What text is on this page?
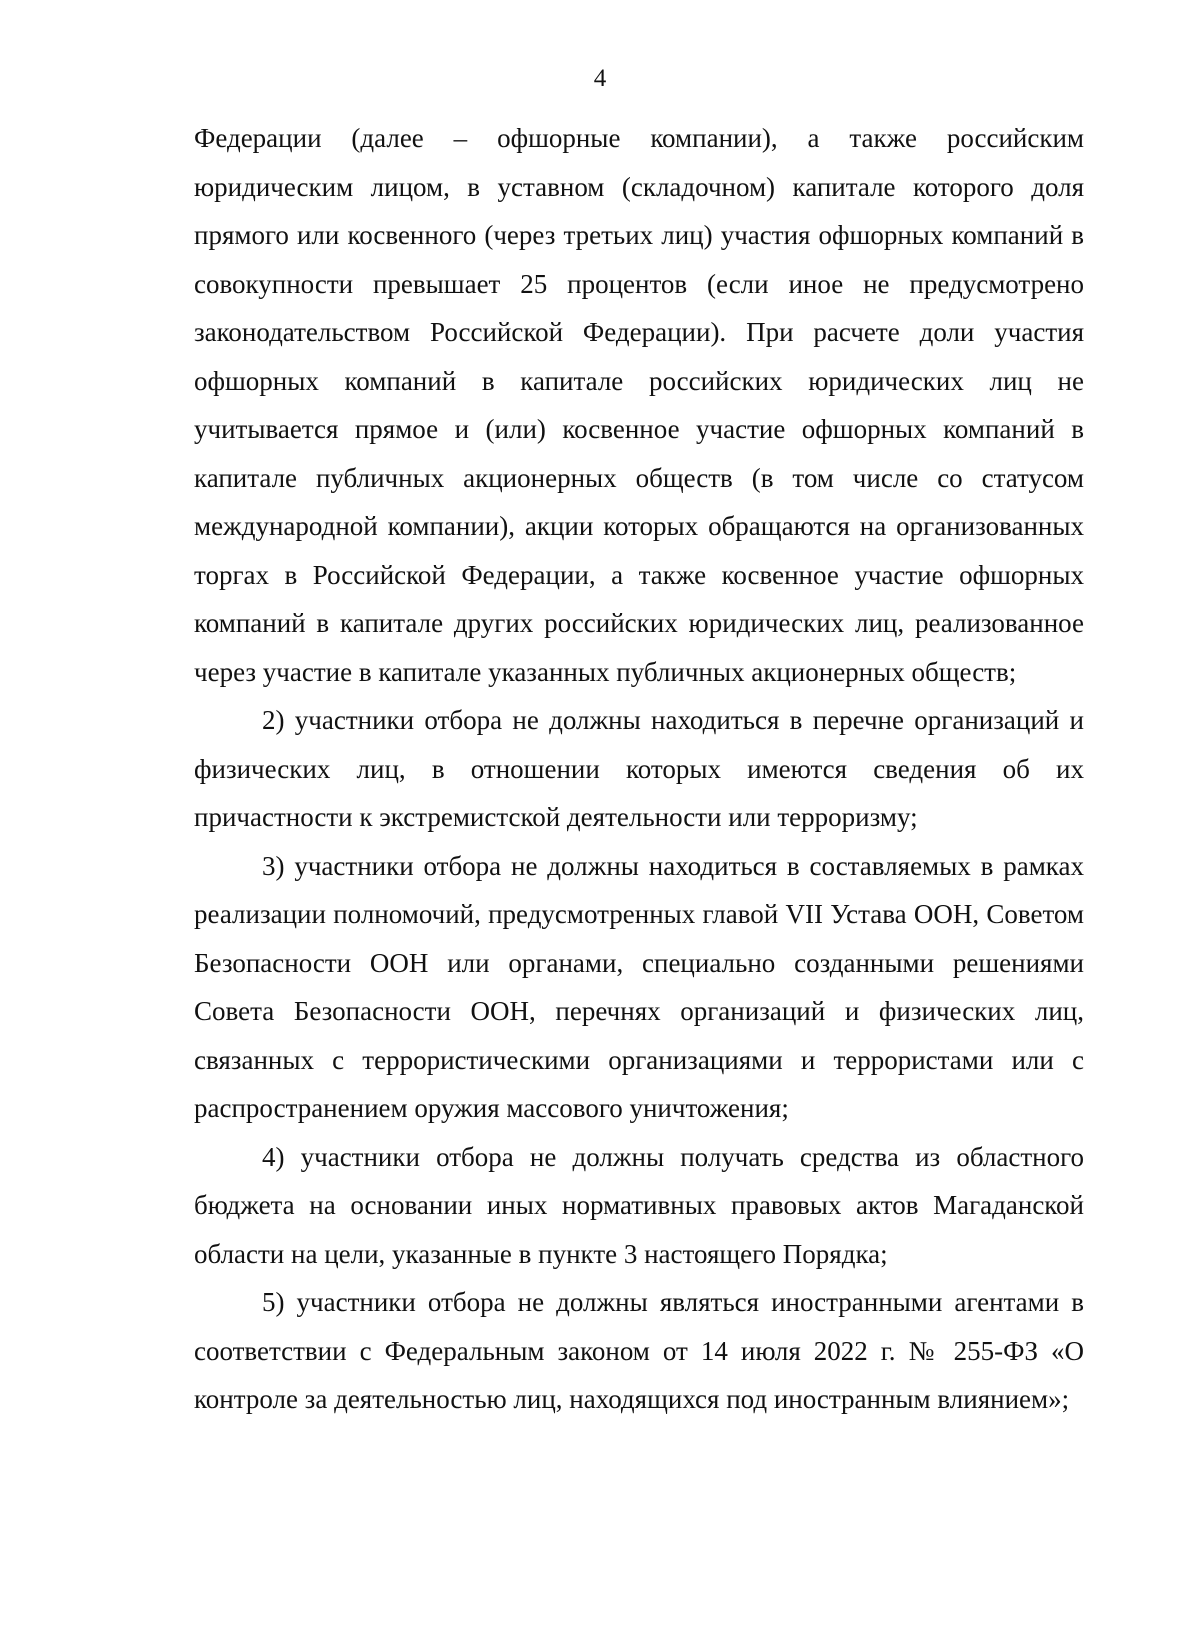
4

Федерации (далее – офшорные компании), а также российским юридическим лицом, в уставном (складочном) капитале которого доля прямого или косвенного (через третьих лиц) участия офшорных компаний в совокупности превышает 25 процентов (если иное не предусмотрено законодательством Российской Федерации). При расчете доли участия офшорных компаний в капитале российских юридических лиц не учитывается прямое и (или) косвенное участие офшорных компаний в капитале публичных акционерных обществ (в том числе со статусом международной компании), акции которых обращаются на организованных торгах в Российской Федерации, а также косвенное участие офшорных компаний в капитале других российских юридических лиц, реализованное через участие в капитале указанных публичных акционерных обществ;

2) участники отбора не должны находиться в перечне организаций и физических лиц, в отношении которых имеются сведения об их причастности к экстремистской деятельности или терроризму;

3) участники отбора не должны находиться в составляемых в рамках реализации полномочий, предусмотренных главой VII Устава ООН, Советом Безопасности ООН или органами, специально созданными решениями Совета Безопасности ООН, перечнях организаций и физических лиц, связанных с террористическими организациями и террористами или с распространением оружия массового уничтожения;

4) участники отбора не должны получать средства из областного бюджета на основании иных нормативных правовых актов Магаданской области на цели, указанные в пункте 3 настоящего Порядка;

5) участники отбора не должны являться иностранными агентами в соответствии с Федеральным законом от 14 июля 2022 г. № 255-ФЗ «О контроле за деятельностью лиц, находящихся под иностранным влиянием»;
